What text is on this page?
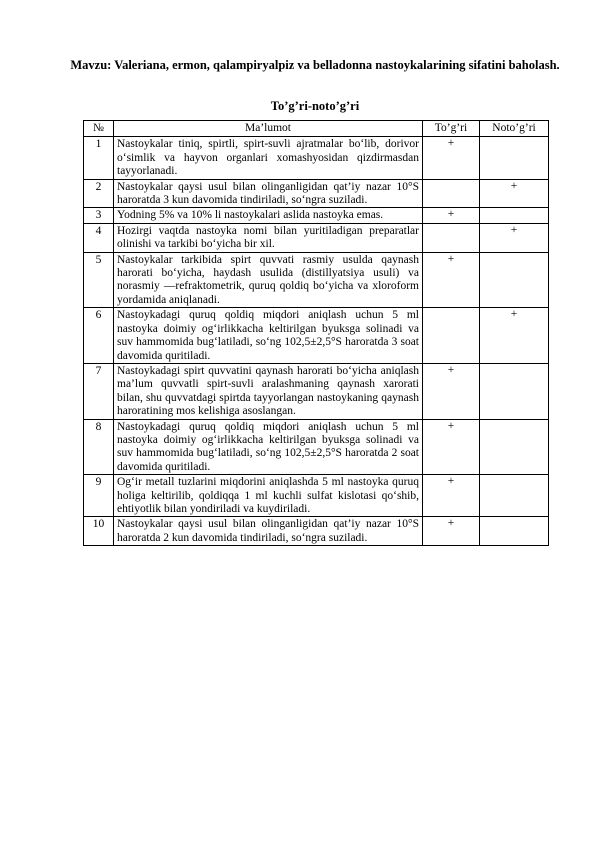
Mavzu: Valeriana, ermon, qalampiryalpiz va belladonna nastoykalarining sifatini baholash.
To’g’ri-noto’g’ri
№	Ma’lumot	To’g’ri	Noto’g’ri
1	Nastoykalar tiniq, spirtli, spirt-suvli ajratmalar bo‘lib, dorivor o‘simlik va hayvon organlari xomashyosidan qizdirmasdan tayyorlanadi.	+	
2	Nastoykalar qaysi usul bilan olinganligidan qat’iy nazar 10°S haroratda 3 kun davomida tindiriladi, so‘ngra suziladi.		+
3	Yodning 5% va 10% li nastoykalari aslida nastoyka emas.	+	
4	Hozirgi vaqtda nastoyka nomi bilan yuritiladigan preparatlar olinishi va tarkibi bo‘yicha bir xil.		+
5	Nastoykalar tarkibida spirt quvvati rasmiy usulda qaynash harorati bo‘yicha, haydash usulida (distillyatsiya usuli) va norasmiy —refraktometrik, quruq qoldiq bo‘yicha va xloroform yordamida aniqlanadi.	+	
6	Nastoykadagi quruq qoldiq miqdori aniqlash uchun 5 ml nastoyka doimiy og‘irlikkacha keltirilgan byuksga solinadi va suv hammomida bug‘latiladi, so‘ng 102,5±2,5°S haroratda 3 soat davomida quritiladi.		+
7	Nastoykadagi spirt quvvatini qaynash harorati bo‘yicha aniqlash ma’lum quvvatli spirt-suvli aralashmaning qaynash xarorati bilan, shu quvvatdagi spirtda tayyorlangan nastoykaning qaynash haroratining mos kelishiga asoslangan.	+	
8	Nastoykadagi quruq qoldiq miqdori aniqlash uchun 5 ml nastoyka doimiy og‘irlikkacha keltirilgan byuksga solinadi va suv hammomida bug‘latiladi, so‘ng 102,5±2,5°S haroratda 2 soat davomida quritiladi.	+	
9	Og‘ir metall tuzlarini miqdorini aniqlashda 5 ml nastoyka quruq holiga keltirilib, qoldiqqa 1 ml kuchli sulfat kislotasi qo‘shib, ehtiyotlik bilan yondiriladi va kuydiriladi.	+	
10	Nastoykalar qaysi usul bilan olinganligidan qat’iy nazar 10°S haroratda 2 kun davomida tindiriladi, so‘ngra suziladi.	+	
